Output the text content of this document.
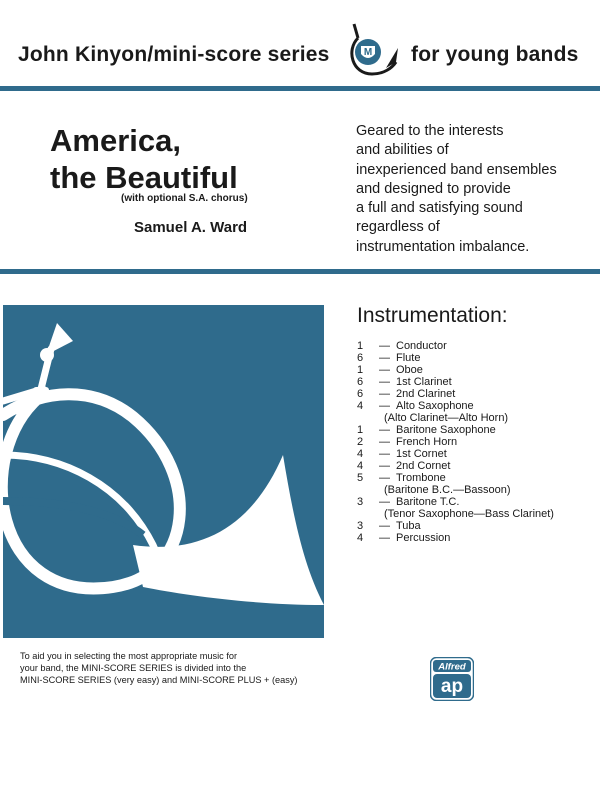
John Kinyon/mini-score series	M for young bands
America,
the Beautiful
(with optional S.A. chorus)
Samuel A. Ward
Geared to the interests
and abilities of
inexperienced band ensembles
and designed to provide
a full and satisfying sound
regardless of
instrumentation imbalance.
Instrumentation:
1	— Conductor
6	— Flute
1	— Oboe
6	— 1st Clarinet
6	— 2nd Clarinet
4	— Alto Saxophone
(Alto Clarinet—Alto Horn)
1	— Baritone Saxophone
2	— French Horn
4	— 1st Cornet
4	— 2nd Cornet
5	— Trombone
(Baritone B.C.—Bassoon)
3	— Baritone T.C.
(Tenor Saxophone—Bass Clarinet)
3	— Tuba
4	— Percussion
To aid you in selecting the most appropriate music for
your band, the MINI-SCORE SERIES is divided into the
MINI-SCORE SERIES (very easy) and MINI-SCORE PLUS + (easy)
Alfred
ap
